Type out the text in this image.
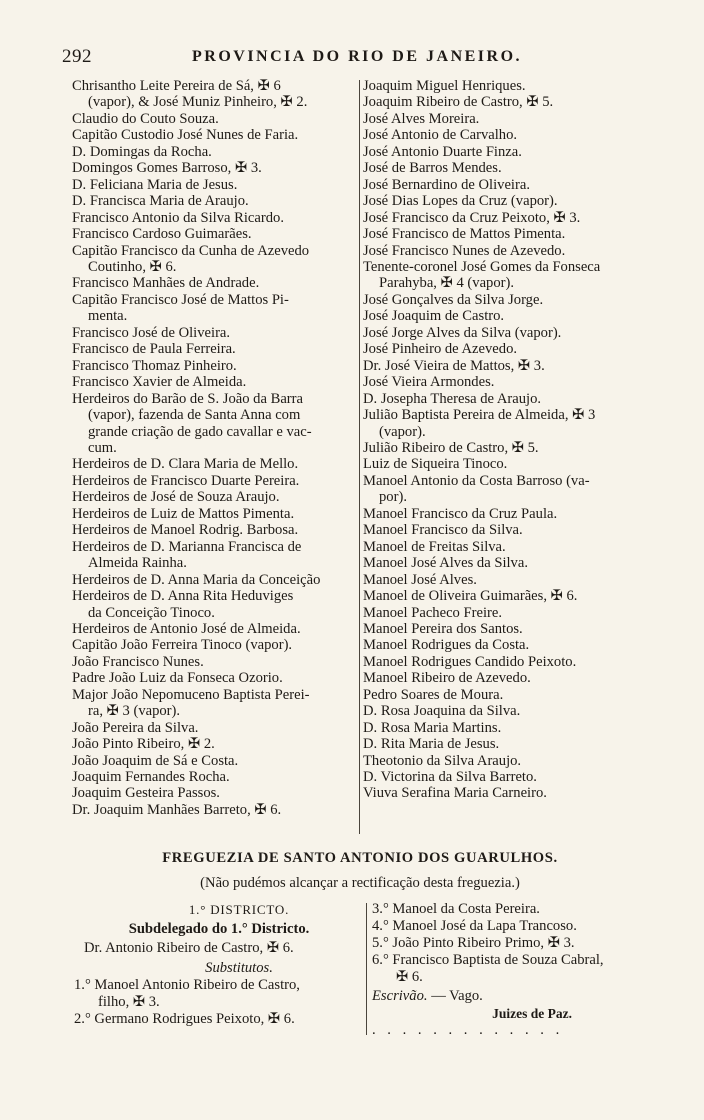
292	PROVINCIA DO RIO DE JANEIRO.
Chrisantho Leite Pereira de Sá, ✠ 6
(vapor), & José Muniz Pinheiro, ✠ 2.
Claudio do Couto Souza.
Capitão Custodio José Nunes de Faria.
D. Domingas da Rocha.
Domingos Gomes Barroso, ✠ 3.
D. Feliciana Maria de Jesus.
D. Francisca Maria de Araujo.
Francisco Antonio da Silva Ricardo.
Francisco Cardoso Guimarães.
Capitão Francisco da Cunha de Azevedo
Coutinho, ✠ 6.
Francisco Manhães de Andrade.
Capitão Francisco José de Mattos Pi-
menta.
Francisco José de Oliveira.
Francisco de Paula Ferreira.
Francisco Thomaz Pinheiro.
Francisco Xavier de Almeida.
Herdeiros do Barão de S. João da Barra
(vapor), fazenda de Santa Anna com
grande criação de gado cavallar e vac-
cum.
Herdeiros de D. Clara Maria de Mello.
Herdeiros de Francisco Duarte Pereira.
Herdeiros de José de Souza Araujo.
Herdeiros de Luiz de Mattos Pimenta.
Herdeiros de Manoel Rodrig. Barbosa.
Herdeiros de D. Marianna Francisca de
Almeida Rainha.
Herdeiros de D. Anna Maria da Conceição
Herdeiros de D. Anna Rita Heduviges
da Conceição Tinoco.
Herdeiros de Antonio José de Almeida.
Capitão João Ferreira Tinoco (vapor).
João Francisco Nunes.
Padre João Luiz da Fonseca Ozorio.
Major João Nepomuceno Baptista Perei-
ra, ✠ 3 (vapor).
João Pereira da Silva.
João Pinto Ribeiro, ✠ 2.
João Joaquim de Sá e Costa.
Joaquim Fernandes Rocha.
Joaquim Gesteira Passos.
Dr. Joaquim Manhães Barreto, ✠ 6.
Joaquim Miguel Henriques.
Joaquim Ribeiro de Castro, ✠ 5.
José Alves Moreira.
José Antonio de Carvalho.
José Antonio Duarte Finza.
José de Barros Mendes.
José Bernardino de Oliveira.
José Dias Lopes da Cruz (vapor).
José Francisco da Cruz Peixoto, ✠ 3.
José Francisco de Mattos Pimenta.
José Francisco Nunes de Azevedo.
Tenente-coronel José Gomes da Fonseca
Parahyba, ✠ 4 (vapor).
José Gonçalves da Silva Jorge.
José Joaquim de Castro.
José Jorge Alves da Silva (vapor).
José Pinheiro de Azevedo.
Dr. José Vieira de Mattos, ✠ 3.
José Vieira Armondes.
D. Josepha Theresa de Araujo.
Julião Baptista Pereira de Almeida, ✠ 3
(vapor).
Julião Ribeiro de Castro, ✠ 5.
Luiz de Siqueira Tinoco.
Manoel Antonio da Costa Barroso (va-
por).
Manoel Francisco da Cruz Paula.
Manoel Francisco da Silva.
Manoel de Freitas Silva.
Manoel José Alves da Silva.
Manoel José Alves.
Manoel de Oliveira Guimarães, ✠ 6.
Manoel Pacheco Freire.
Manoel Pereira dos Santos.
Manoel Rodrigues da Costa.
Manoel Rodrigues Candido Peixoto.
Manoel Ribeiro de Azevedo.
Pedro Soares de Moura.
D. Rosa Joaquina da Silva.
D. Rosa Maria Martins.
D. Rita Maria de Jesus.
Theotonio da Silva Araujo.
D. Victorina da Silva Barreto.
Viuva Serafina Maria Carneiro.
FREGUEZIA DE SANTO ANTONIO DOS GUARULHOS.
(Não pudémos alcançar a rectificação desta freguezia.)
1.° DISTRICTO.
Subdelegado do 1.° Districto.
Dr. Antonio Ribeiro de Castro, ✠ 6.
Substitutos.
1.° Manoel Antonio Ribeiro de Castro,
filho, ✠ 3.
2.° Germano Rodrigues Peixoto, ✠ 6.
3.° Manoel da Costa Pereira.
4.° Manoel José da Lapa Trancoso.
5.° João Pinto Ribeiro Primo, ✠ 3.
6.° Francisco Baptista de Souza Cabral,
✠ 6.
Escrivão. — Vago.
Juizes de Paz.
. . . . . . . . . . . . .
